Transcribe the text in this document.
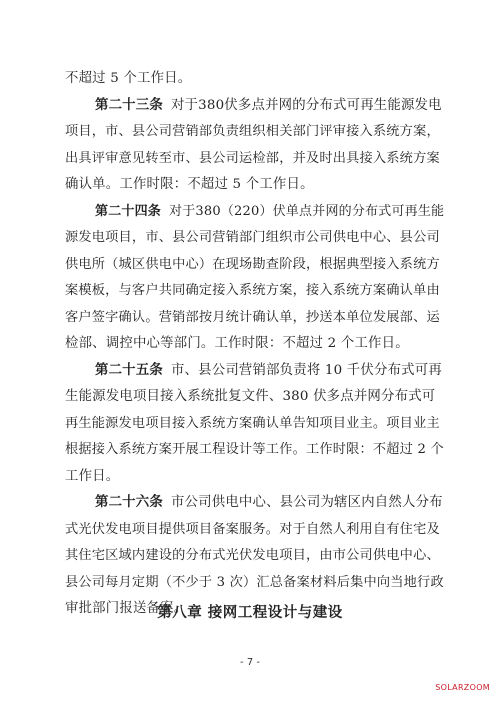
不超过 5 个工作日。
第二十三条 对于380伏多点并网的分布式可再生能源发电
项目，市、县公司营销部负责组织相关部门评审接入系统方案，
出具评审意见转至市、县公司运检部，并及时出具接入系统方案
确认单。工作时限：不超过 5 个工作日。
第二十四条 对于380（220）伏单点并网的分布式可再生能
源发电项目，市、县公司营销部门组织市公司供电中心、县公司
供电所（城区供电中心）在现场勘查阶段，根据典型接入系统方
案模板，与客户共同确定接入系统方案，接入系统方案确认单由
客户签字确认。营销部按月统计确认单，抄送本单位发展部、运
检部、调控中心等部门。工作时限：不超过 2 个工作日。
第二十五条 市、县公司营销部负责将 10 千伏分布式可再
生能源发电项目接入系统批复文件、380 伏多点并网分布式可
再生能源发电项目接入系统方案确认单告知项目业主。项目业主
根据接入系统方案开展工程设计等工作。工作时限：不超过 2 个
工作日。
第二十六条 市公司供电中心、县公司为辖区内自然人分布
式光伏发电项目提供项目备案服务。对于自然人利用自有住宅及
其住宅区域内建设的分布式光伏发电项目，由市公司供电中心、
县公司每月定期（不少于 3 次）汇总备案材料后集中向当地行政
审批部门报送备案。
第八章 接网工程设计与建设
- 7 -
SOLARZOOM
